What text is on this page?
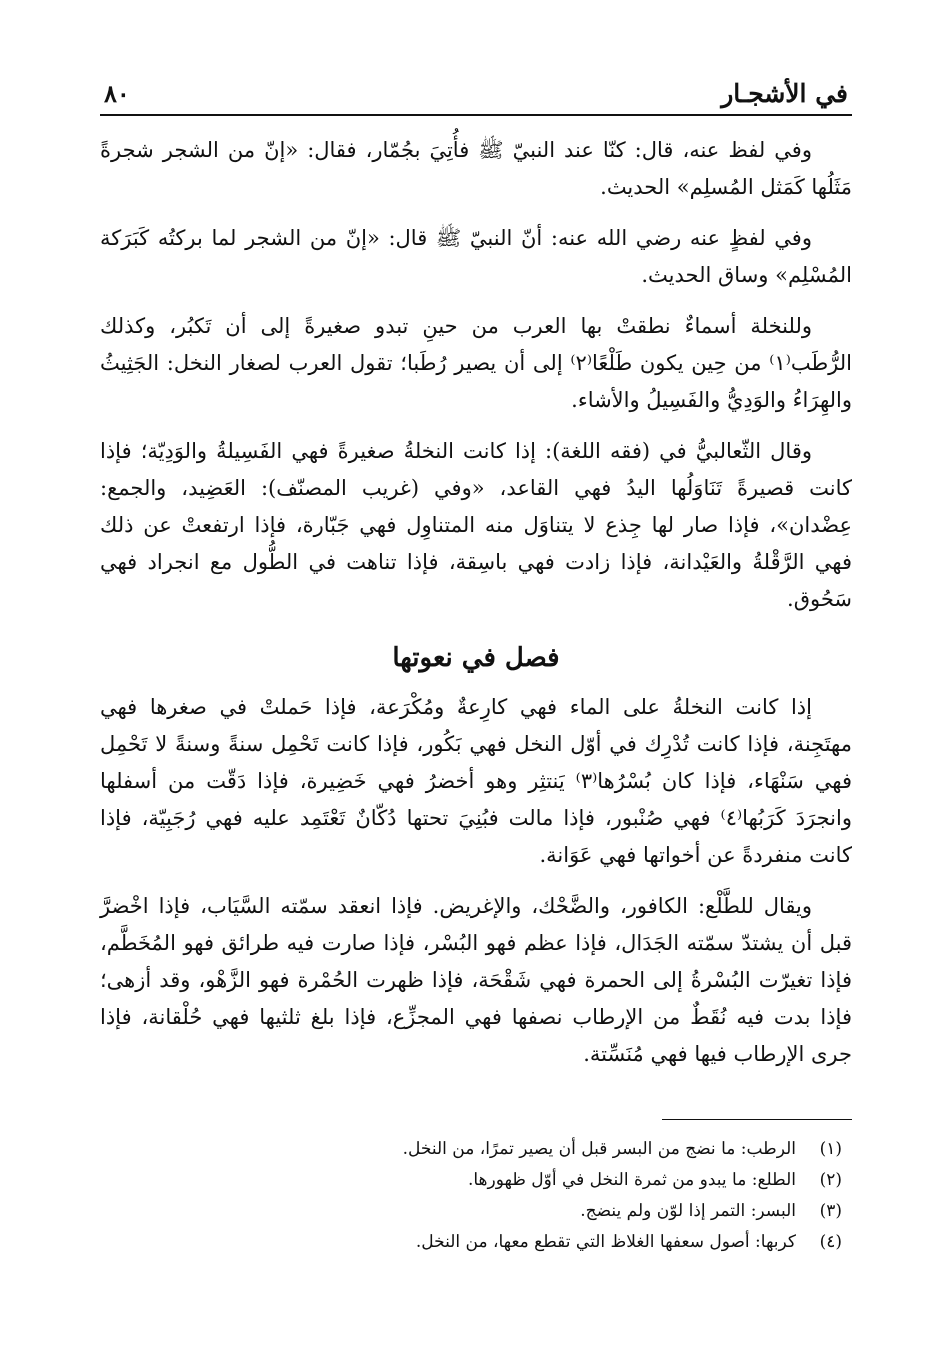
في الأشجـار
٨٠

وفي لفظ عنه، قال: كنّا عند النبيّ ﷺ فأُتِيَ بجُمّار، فقال: «إنّ من الشجر شجرةً مَثَلُها كَمَثل المُسلِم» الحديث.

وفي لفظٍ عنه رضي الله عنه: أنّ النبيّ ﷺ قال: «إنّ من الشجر لما بركتُه كَبَرَكة المُسْلِم» وساق الحديث.

وللنخلة أسماءٌ نطقتْ بها العرب من حينِ تبدو صغيرةً إلى أن تَكبُر، وكذلك الرُّطَب⁽١⁾ من حِين يكون طَلْعًا⁽٢⁾ إلى أن يصير رُطَبا؛ تقول العرب لصغار النخل: الجَثِيثُ والهِرَاءُ والوَدِيُّ والفَسِيلُ والأشاء.

وقال الثّعالبيُّ في (فقه اللغة): إذا كانت النخلةُ صغيرةً فهي الفَسِيلةُ والوَدِيّة؛ فإذا كانت قصيرةً تَنَاوَلُها اليدُ فهي القاعد، «وفي (غريب المصنّف): العَضِيد، والجمع: عِضْدان»، فإذا صار لها جِذع لا يتناوَل منه المتناوِل فهي جَبّارة، فإذا ارتفعتْ عن ذلك فهي الرَّقْلةُ والعَيْدانة، فإذا زادت فهي باسِقة، فإذا تناهت في الطُّول مع انجراد فهي سَحُوق.

فصل في نعوتها

إذا كانت النخلةُ على الماء فهي كارِعةٌ ومُكْرَعة، فإذا حَملتْ في صغرها فهي مهتَجِنة، فإذا كانت تُدْرِك في أوّل النخل فهي بَكُور، فإذا كانت تَحْمِل سنةً وسنةً لا تَحْمِل فهي سَنْهَاء، فإذا كان بُسْرُها⁽٣⁾ يَنتثِر وهو أخضرُ فهي خَضِيرة، فإذا دَقّت من أسفلها وانجرَدَ كَرَبُها⁽٤⁾ فهي صُنْبور، فإذا مالت فبُنِيَ تحتها دُكّانٌ تَعْتَمِد عليه فهي رُجَبِيّة، فإذا كانت منفردةً عن أخواتها فهي عَوَانة.

ويقال للطَّلْع: الكافور، والضَّحْك، والإغريض. فإذا انعقد سمّته السَّيَاب، فإذا اخْضرَّ قبل أن يشتدّ سمّته الجَدَال، فإذا عظم فهو البُسْر، فإذا صارت فيه طرائق فهو المُخَطَّم، فإذا تغيرّت البُسْرةُ إلى الحمرة فهي شَقْحَة، فإذا ظهرت الحُمْرة فهو الزَّهْو، وقد أزهى؛ فإذا بدت فيه نُقَطٌ من الإرطاب نصفها فهي المجزِّع، فإذا بلغ ثلثيها فهي حُلْقانة، فإذا جرى الإرطاب فيها فهي مُنَسِّتة.

(١)
الرطب: ما نضج من البسر قبل أن يصير تمرًا، من النخل.
(٢)
الطلع: ما يبدو من ثمرة النخل في أوّل ظهورها.
(٣)
البسر: التمر إذا لوّن ولم ينضج.
(٤)
كربها: أصول سعفها الغلاظ التي تقطع معها، من النخل.
